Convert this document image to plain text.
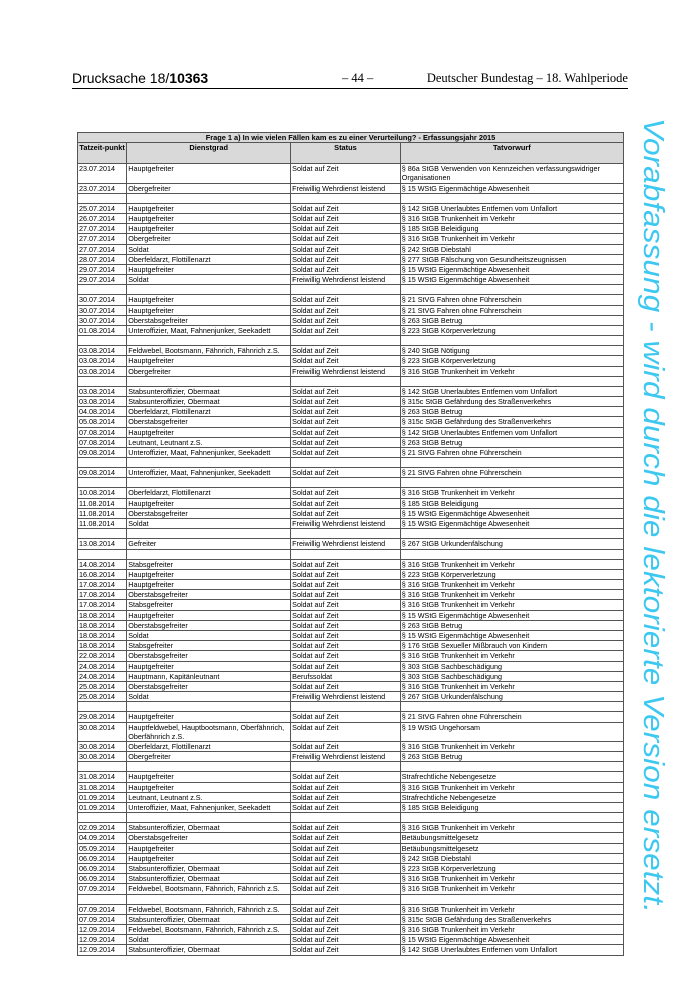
Drucksache 18/10363	– 44 –	Deutscher Bundestag – 18. Wahlperiode
Vorabfassung - wird durch die lektorierte Version ersetzt.
Frage 1 a) In wie vielen Fällen kam es zu einer Verurteilung? - Erfassungsjahr 2015			
Tatzeit-punkt	Dienstgrad	Status	Tatvorwurf
23.07.2014	Hauptgefreiter	Soldat auf Zeit	§ 86a StGB Verwenden von Kennzeichen verfassungswidriger Organisationen
23.07.2014	Obergefreiter	Freiwillig Wehrdienst leistend	§ 15 WStG Eigenmächtige Abwesenheit

25.07.2014	Hauptgefreiter	Soldat auf Zeit	§ 142 StGB Unerlaubtes Entfernen vom Unfallort
26.07.2014	Hauptgefreiter	Soldat auf Zeit	§ 316 StGB Trunkenheit im Verkehr
27.07.2014	Hauptgefreiter	Soldat auf Zeit	§ 185 StGB Beleidigung
27.07.2014	Obergefreiter	Soldat auf Zeit	§ 316 StGB Trunkenheit im Verkehr
27.07.2014	Soldat	Soldat auf Zeit	§ 242 StGB Diebstahl
28.07.2014	Oberfeldarzt, Flottillenarzt	Soldat auf Zeit	§ 277 StGB Fälschung von Gesundheitszeugnissen
29.07.2014	Hauptgefreiter	Soldat auf Zeit	§ 15 WStG Eigenmächtige Abwesenheit
29.07.2014	Soldat	Freiwillig Wehrdienst leistend	§ 15 WStG Eigenmächtige Abwesenheit

30.07.2014	Hauptgefreiter	Soldat auf Zeit	§ 21 StVG Fahren ohne Führerschein
30.07.2014	Hauptgefreiter	Soldat auf Zeit	§ 21 StVG Fahren ohne Führerschein
30.07.2014	Oberstabsgefreiter	Soldat auf Zeit	§ 263 StGB Betrug
01.08.2014	Unteroffizier, Maat, Fahnenjunker, Seekadett	Soldat auf Zeit	§ 223 StGB Körperverletzung

03.08.2014	Feldwebel, Bootsmann, Fähnrich, Fähnrich z.S.	Soldat auf Zeit	§ 240 StGB Nötigung
03.08.2014	Hauptgefreiter	Soldat auf Zeit	§ 223 StGB Körperverletzung
03.08.2014	Obergefreiter	Freiwillig Wehrdienst leistend	§ 316 StGB Trunkenheit im Verkehr

03.08.2014	Stabsunteroffizier, Obermaat	Soldat auf Zeit	§ 142 StGB Unerlaubtes Entfernen vom Unfallort
03.08.2014	Stabsunteroffizier, Obermaat	Soldat auf Zeit	§ 315c StGB Gefährdung des Straßenverkehrs
04.08.2014	Oberfeldarzt, Flottillenarzt	Soldat auf Zeit	§ 263 StGB Betrug
05.08.2014	Oberstabsgefreiter	Soldat auf Zeit	§ 315c StGB Gefährdung des Straßenverkehrs
07.08.2014	Hauptgefreiter	Soldat auf Zeit	§ 142 StGB Unerlaubtes Entfernen vom Unfallort
07.08.2014	Leutnant, Leutnant z.S.	Soldat auf Zeit	§ 263 StGB Betrug
09.08.2014	Unteroffizier, Maat, Fahnenjunker, Seekadett	Soldat auf Zeit	§ 21 StVG Fahren ohne Führerschein

09.08.2014	Unteroffizier, Maat, Fahnenjunker, Seekadett	Soldat auf Zeit	§ 21 StVG Fahren ohne Führerschein

10.08.2014	Oberfeldarzt, Flottillenarzt	Soldat auf Zeit	§ 316 StGB Trunkenheit im Verkehr
11.08.2014	Hauptgefreiter	Soldat auf Zeit	§ 185 StGB Beleidigung
11.08.2014	Oberstabsgefreiter	Soldat auf Zeit	§ 15 WStG Eigenmächtige Abwesenheit
11.08.2014	Soldat	Freiwillig Wehrdienst leistend	§ 15 WStG Eigenmächtige Abwesenheit

13.08.2014	Gefreiter	Freiwillig Wehrdienst leistend	§ 267 StGB Urkundenfälschung

14.08.2014	Stabsgefreiter	Soldat auf Zeit	§ 316 StGB Trunkenheit im Verkehr
16.08.2014	Hauptgefreiter	Soldat auf Zeit	§ 223 StGB Körperverletzung
17.08.2014	Hauptgefreiter	Soldat auf Zeit	§ 316 StGB Trunkenheit im Verkehr
17.08.2014	Oberstabsgefreiter	Soldat auf Zeit	§ 316 StGB Trunkenheit im Verkehr
17.08.2014	Stabsgefreiter	Soldat auf Zeit	§ 316 StGB Trunkenheit im Verkehr
18.08.2014	Hauptgefreiter	Soldat auf Zeit	§ 15 WStG Eigenmächtige Abwesenheit
18.08.2014	Oberstabsgefreiter	Soldat auf Zeit	§ 263 StGB Betrug
18.08.2014	Soldat	Soldat auf Zeit	§ 15 WStG Eigenmächtige Abwesenheit
18.08.2014	Stabsgefreiter	Soldat auf Zeit	§ 176 StGB Sexueller Mißbrauch von Kindern
22.08.2014	Oberstabsgefreiter	Soldat auf Zeit	§ 316 StGB Trunkenheit im Verkehr
24.08.2014	Hauptgefreiter	Soldat auf Zeit	§ 303 StGB Sachbeschädigung
24.08.2014	Hauptmann, Kapitänleutnant	Berufssoldat	§ 303 StGB Sachbeschädigung
25.08.2014	Oberstabsgefreiter	Soldat auf Zeit	§ 316 StGB Trunkenheit im Verkehr
25.08.2014	Soldat	Freiwillig Wehrdienst leistend	§ 267 StGB Urkundenfälschung

29.08.2014	Hauptgefreiter	Soldat auf Zeit	§ 21 StVG Fahren ohne Führerschein
30.08.2014	Hauptfeldwebel, Hauptbootsmann, Oberfähnrich, Oberfähnrich z.S.	Soldat auf Zeit	§ 19 WStG Ungehorsam
30.08.2014	Oberfeldarzt, Flottillenarzt	Soldat auf Zeit	§ 316 StGB Trunkenheit im Verkehr
30.08.2014	Obergefreiter	Freiwillig Wehrdienst leistend	§ 263 StGB Betrug

31.08.2014	Hauptgefreiter	Soldat auf Zeit	Strafrechtliche Nebengesetze
31.08.2014	Hauptgefreiter	Soldat auf Zeit	§ 316 StGB Trunkenheit im Verkehr
01.09.2014	Leutnant, Leutnant z.S.	Soldat auf Zeit	Strafrechtliche Nebengesetze
01.09.2014	Unteroffizier, Maat, Fahnenjunker, Seekadett	Soldat auf Zeit	§ 185 StGB Beleidigung

02.09.2014	Stabsunteroffizier, Obermaat	Soldat auf Zeit	§ 316 StGB Trunkenheit im Verkehr
04.09.2014	Oberstabsgefreiter	Soldat auf Zeit	Betäubungsmittelgesetz
05.09.2014	Hauptgefreiter	Soldat auf Zeit	Betäubungsmittelgesetz
06.09.2014	Hauptgefreiter	Soldat auf Zeit	§ 242 StGB Diebstahl
06.09.2014	Stabsunteroffizier, Obermaat	Soldat auf Zeit	§ 223 StGB Körperverletzung
06.09.2014	Stabsunteroffizier, Obermaat	Soldat auf Zeit	§ 316 StGB Trunkenheit im Verkehr
07.09.2014	Feldwebel, Bootsmann, Fähnrich, Fähnrich z.S.	Soldat auf Zeit	§ 316 StGB Trunkenheit im Verkehr

07.09.2014	Feldwebel, Bootsmann, Fähnrich, Fähnrich z.S.	Soldat auf Zeit	§ 316 StGB Trunkenheit im Verkehr
07.09.2014	Stabsunteroffizier, Obermaat	Soldat auf Zeit	§ 315c StGB Gefährdung des Straßenverkehrs
12.09.2014	Feldwebel, Bootsmann, Fähnrich, Fähnrich z.S.	Soldat auf Zeit	§ 316 StGB Trunkenheit im Verkehr
12.09.2014	Soldat	Soldat auf Zeit	§ 15 WStG Eigenmächtige Abwesenheit
12.09.2014	Stabsunteroffizier, Obermaat	Soldat auf Zeit	§ 142 StGB Unerlaubtes Entfernen vom Unfallort
